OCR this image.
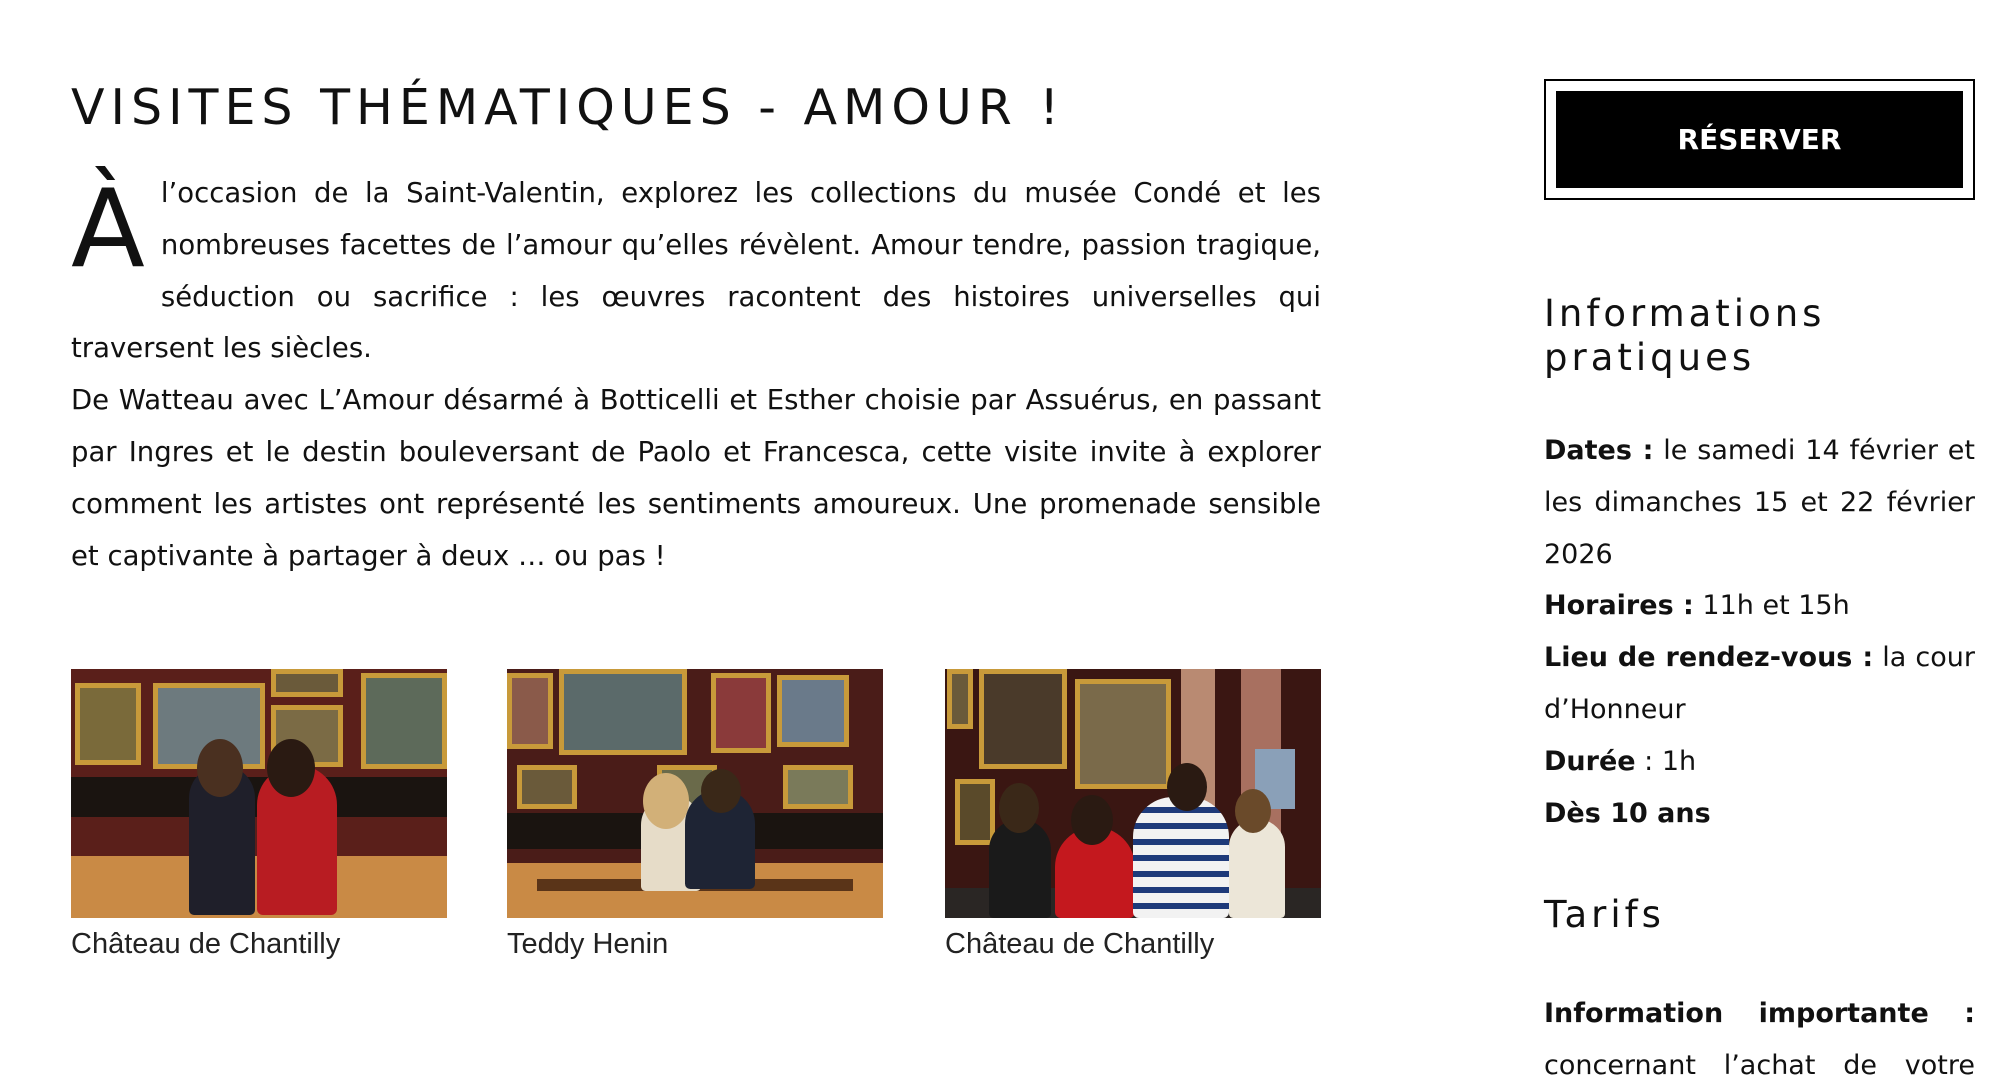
VISITES THÉMATIQUES - AMOUR !

Àl’occasion de la Saint-Valentin, explorez les collections du musée Condé et les nombreuses facettes de l’amour qu’elles révèlent. Amour tendre, passion tragique, séduction ou sacrifice : les œuvres racontent des histoires universelles qui traversent les siècles.

De Watteau avec L’Amour désarmé à Botticelli et Esther choisie par Assuérus, en passant par Ingres et le destin bouleversant de Paolo et Francesca, cette visite invite à explorer comment les artistes ont représenté les sentiments amoureux. Une promenade sensible et captivante à partager à deux … ou pas !

Château de Chantilly	Teddy Henin	Château de Chantilly
RÉSERVER
Informations pratiques

Dates : le samedi 14 février et les dimanches 15 et 22 février 2026

Horaires : 11h et 15h

Lieu de rendez-vous : la cour d’Honneur

Durée : 1h

Dès 10 ans

Tarifs

Information importante : concernant l’achat de votre
